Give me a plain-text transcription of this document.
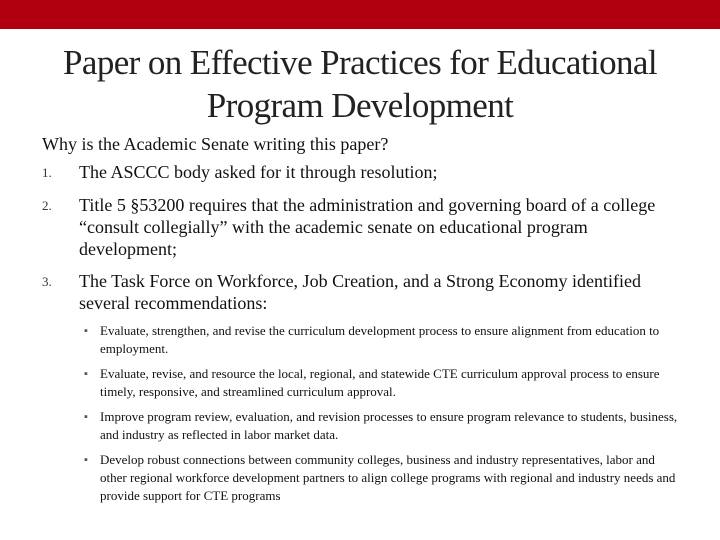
Paper on Effective Practices for Educational
Program Development
Why is the Academic Senate writing this paper?
1. The ASCCC body asked for it through resolution;
2. Title 5 §53200 requires that the administration and governing board of a college “consult collegially” with the academic senate on educational program development;
3. The Task Force on Workforce, Job Creation, and a Strong Economy identified several recommendations:
▪ Evaluate, strengthen, and revise the curriculum development process to ensure alignment from education to employment.
▪ Evaluate, revise, and resource the local, regional, and statewide CTE curriculum approval process to ensure timely, responsive, and streamlined curriculum approval.
▪ Improve program review, evaluation, and revision processes to ensure program relevance to students, business, and industry as reflected in labor market data.
▪ Develop robust connections between community colleges, business and industry representatives, labor and other regional workforce development partners to align college programs with regional and industry needs and provide support for CTE programs
